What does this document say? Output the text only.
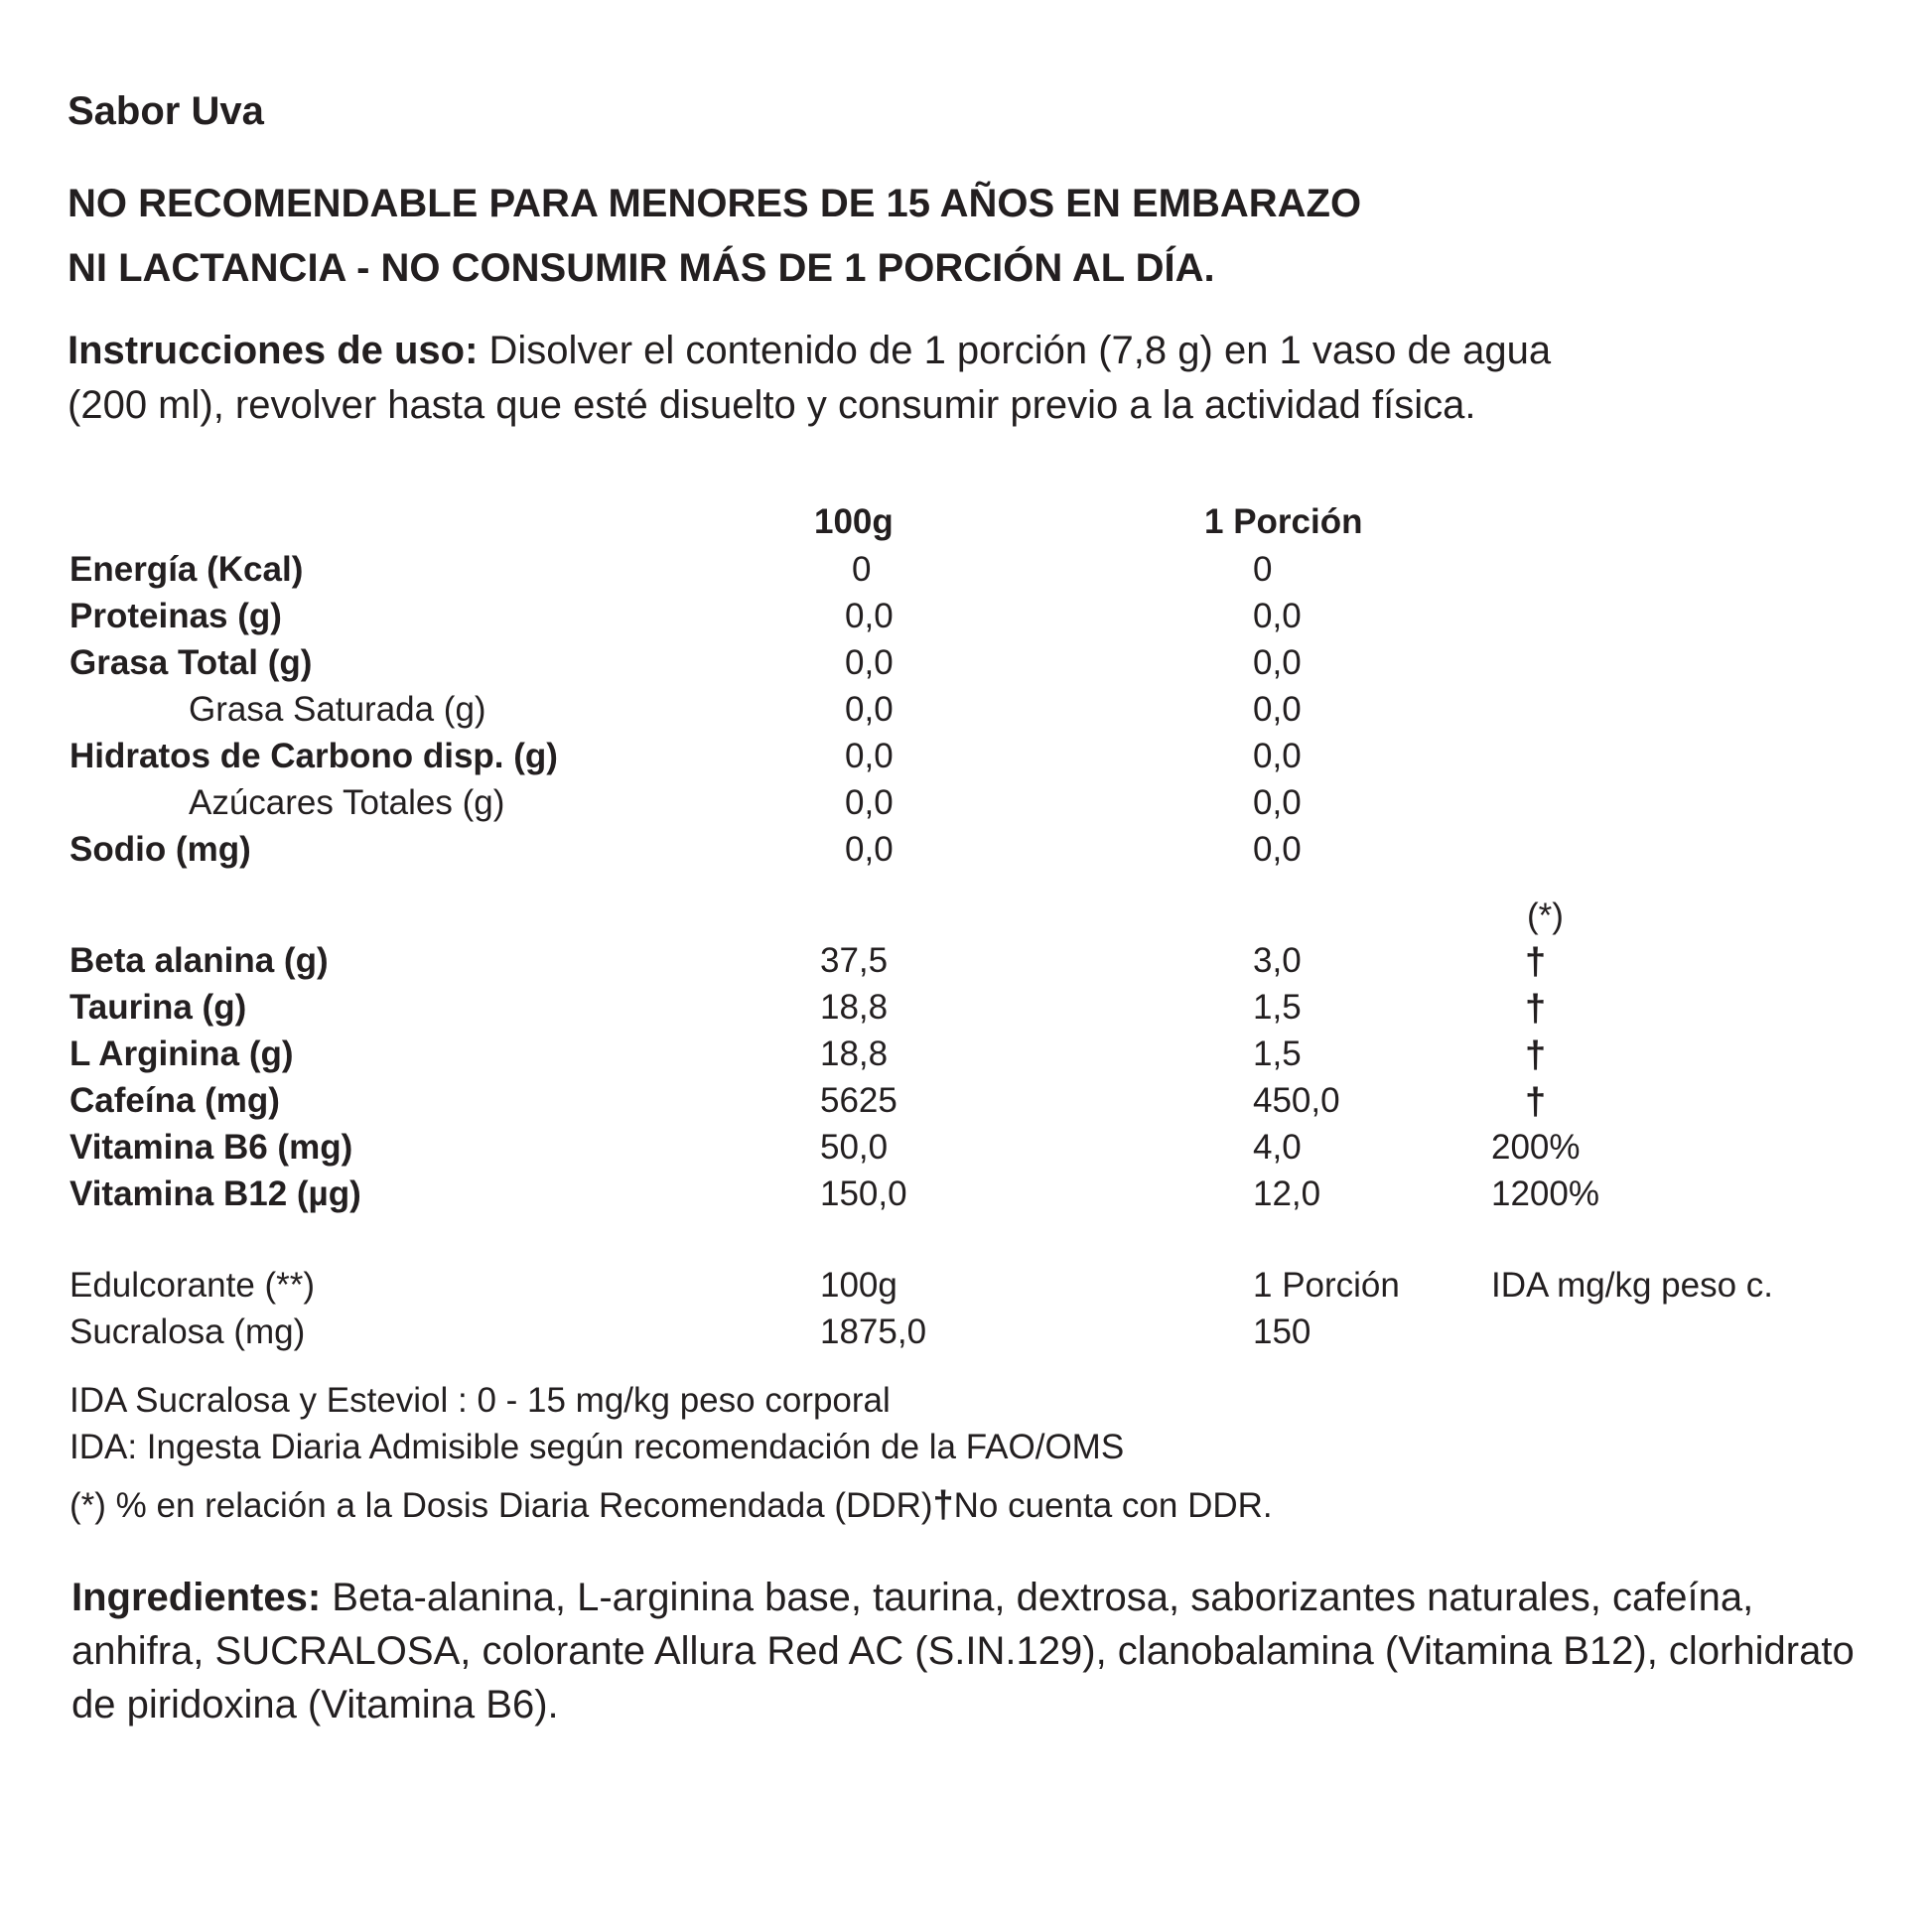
Sabor Uva
NO RECOMENDABLE PARA MENORES DE 15 AÑOS EN EMBARAZO
NI LACTANCIA - NO CONSUMIR MÁS DE 1 PORCIÓN AL DÍA.
Instrucciones de uso: Disolver el contenido de 1 porción (7,8 g) en 1 vaso de agua
(200 ml), revolver hasta que esté disuelto y consumir previo a la actividad física.
100g	1 Porción
Energía (Kcal)	0	0
Proteinas (g)	0,0	0,0
Grasa Total (g)	0,0	0,0
Grasa Saturada (g)	0,0	0,0
Hidratos de Carbono disp. (g)	0,0	0,0
Azúcares Totales (g)	0,0	0,0
Sodio (mg)	0,0	0,0
(*)
Beta alanina (g)	37,5	3,0	†
Taurina (g)	18,8	1,5	†
L Arginina (g)	18,8	1,5	†
Cafeína (mg)	5625	450,0	†
Vitamina B6 (mg)	50,0	4,0	200%
Vitamina B12 (µg)	150,0	12,0	1200%
Edulcorante (**)	100g	1 Porción	IDA mg/kg peso c.
Sucralosa (mg)	1875,0	150
IDA Sucralosa y Esteviol : 0 - 15 mg/kg peso corporal
IDA: Ingesta Diaria Admisible según recomendación de la FAO/OMS
(*) % en relación a la Dosis Diaria Recomendada (DDR)†No cuenta con DDR.
Ingredientes: Beta-alanina, L-arginina base, taurina, dextrosa, saborizantes naturales, cafeína, anhifra, SUCRALOSA, colorante Allura Red AC (S.IN.129), clanobalamina (Vitamina B12), clorhidrato de piridoxina (Vitamina B6).
